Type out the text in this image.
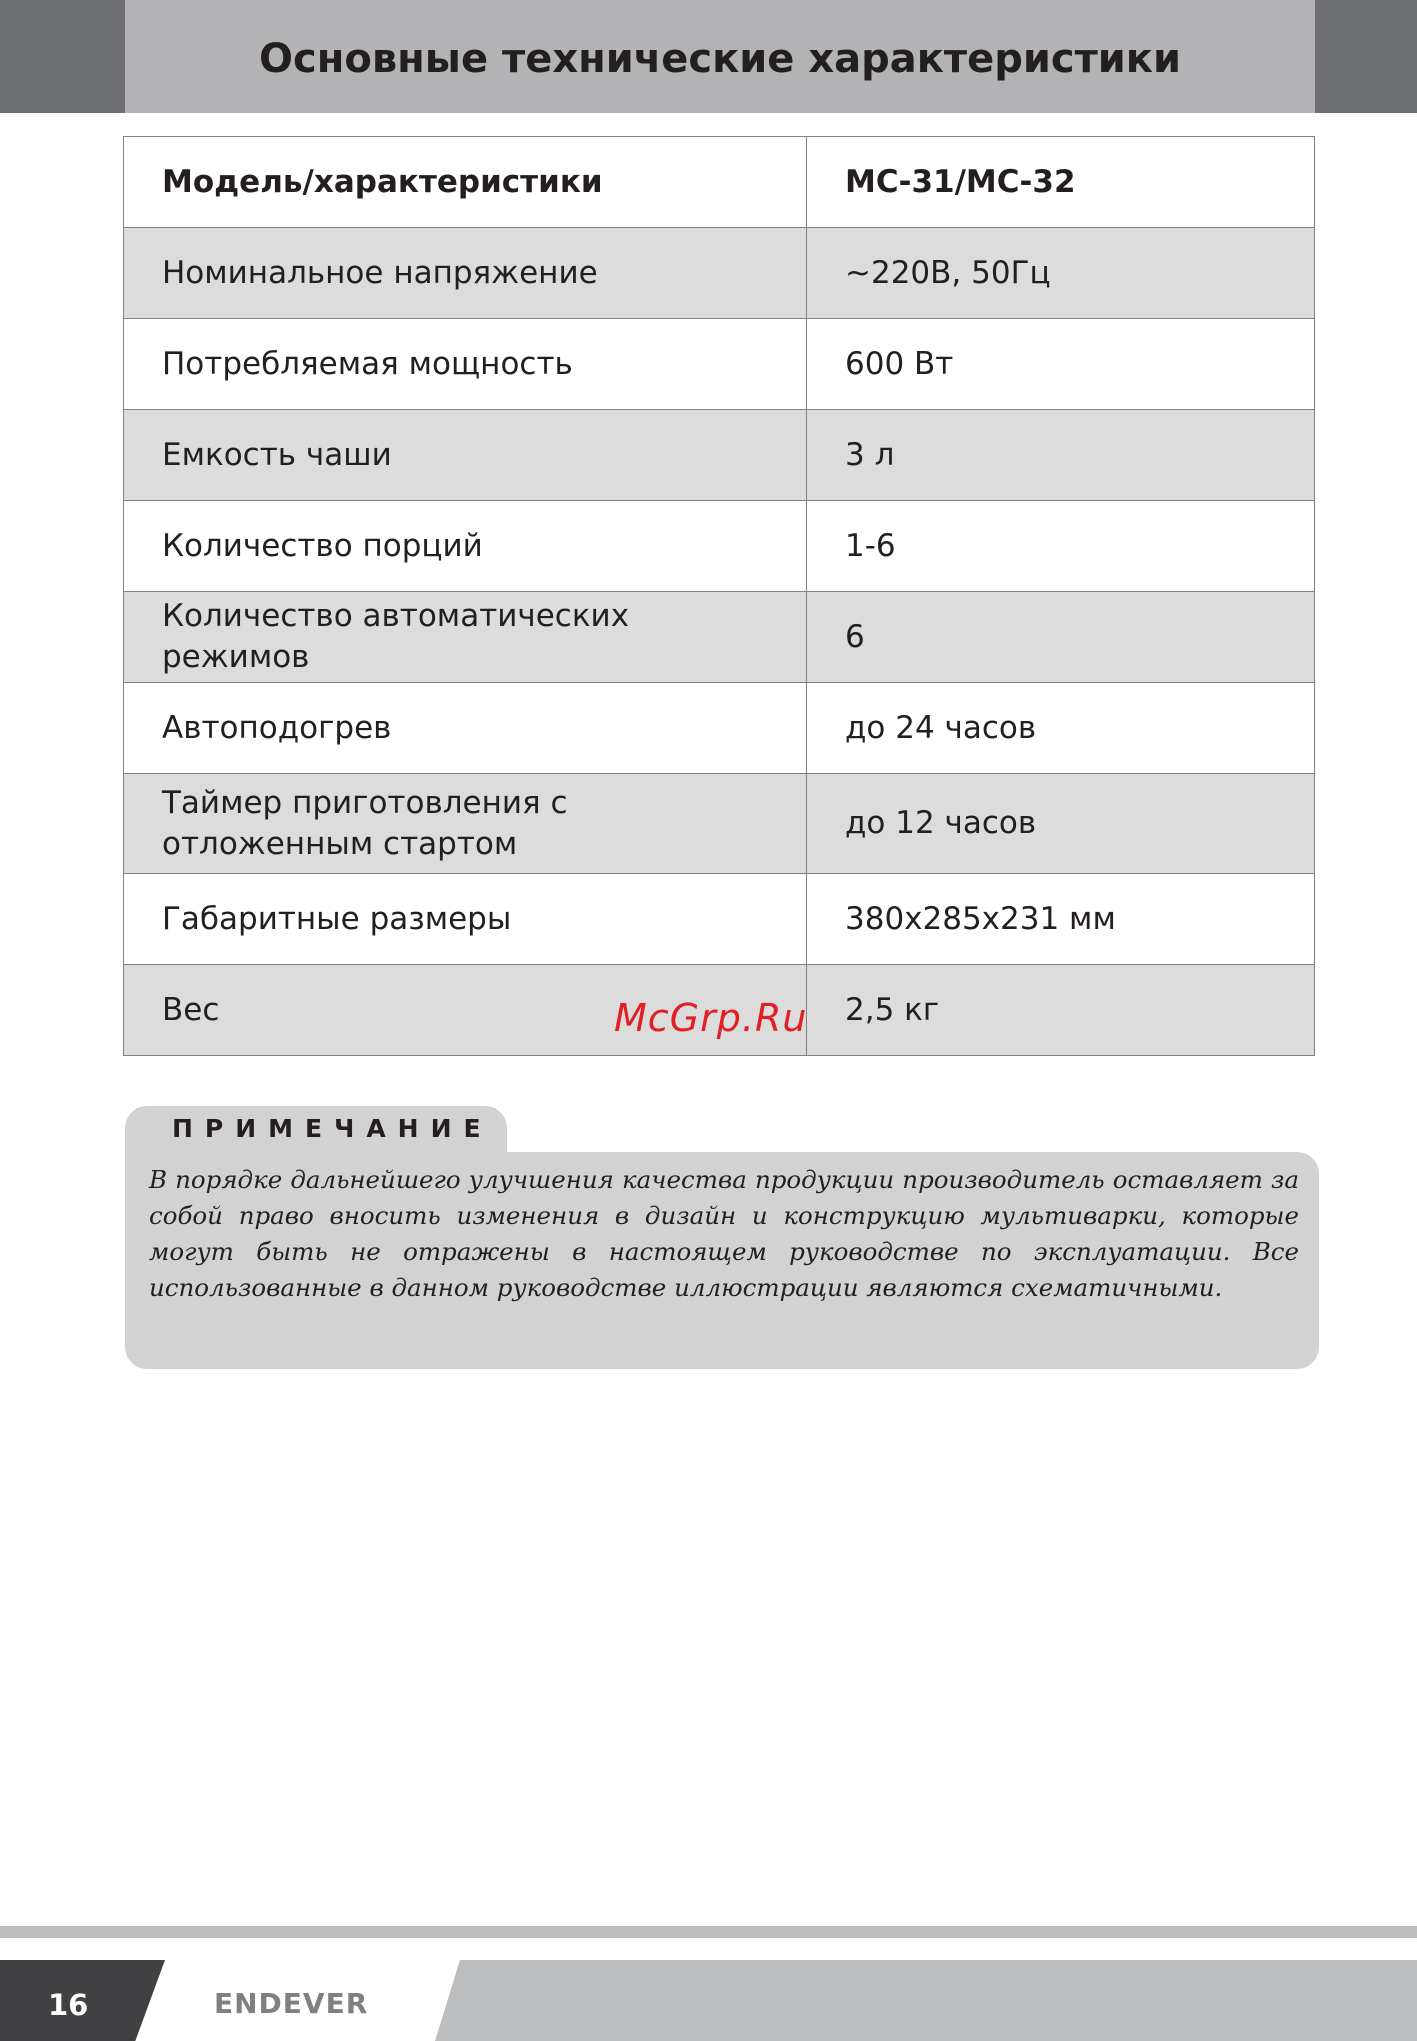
Основные технические характеристики
Модель/характеристики	МС-31/МС-32
Номинальное напряжение	~220В, 50Гц
Потребляемая мощность	600 Вт
Емкость чаши	3 л
Количество порций	1-6
Количество автоматических режимов	6
Автоподогрев	до 24 часов
Таймер приготовления с отложенным стартом	до 12 часов
Габаритные размеры	380x285x231 мм
Вес	2,5 кг
McGrp.Ru
ПРИМЕЧАНИЕ
В порядке дальнейшего улучшения качества продукции производитель оставляет за собой право вносить изменения в дизайн и конструкцию мультиварки, которые могут быть не отражены в настоящем руководстве по эксплуатации. Все использованные в данном руководстве иллюстрации являются схематичными.
16	ENDEVER
